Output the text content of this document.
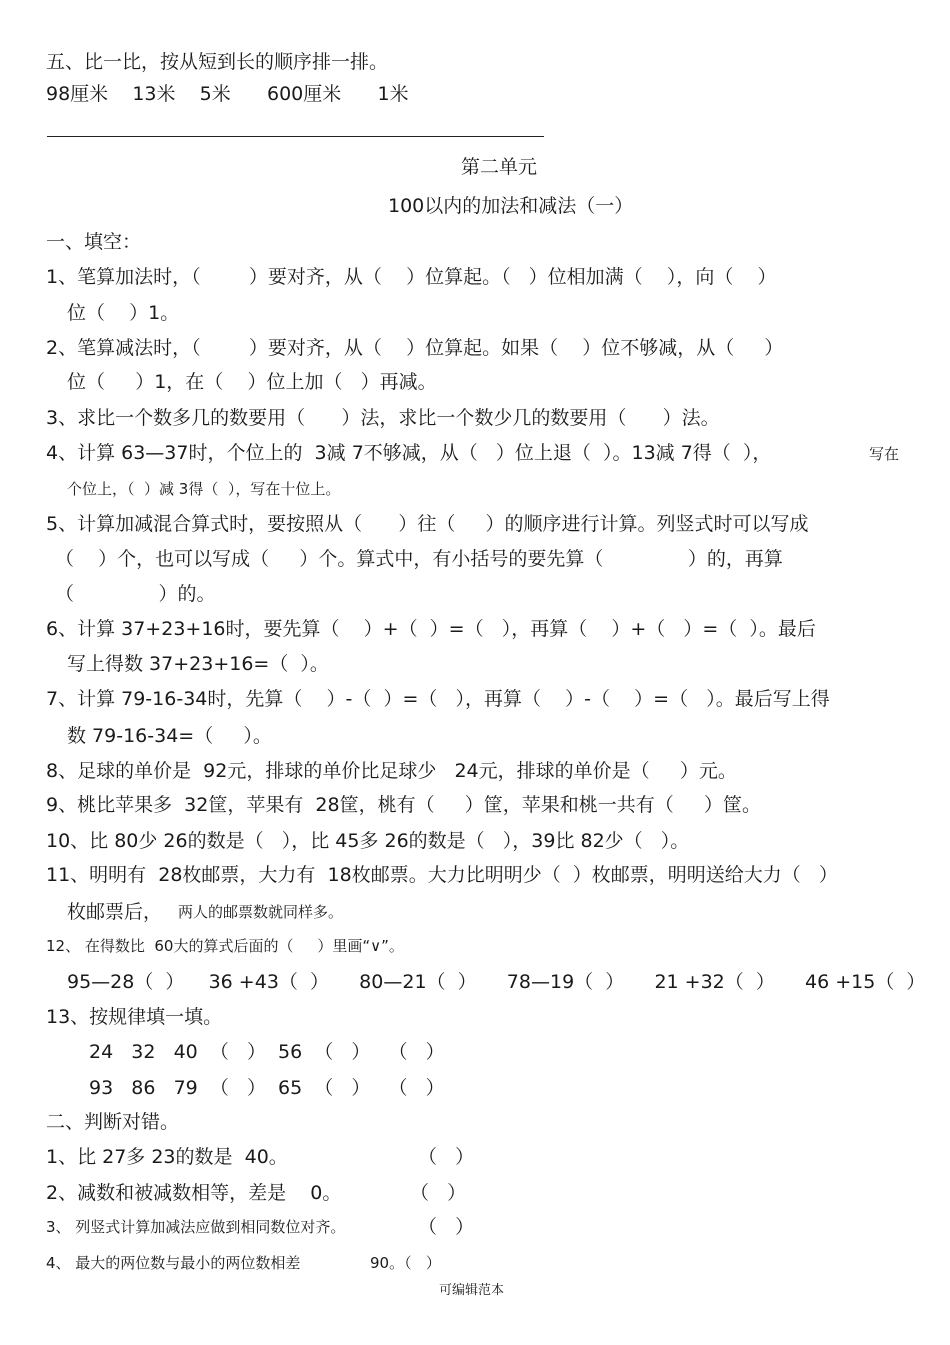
五、比一比，按从短到长的顺序排一排。
98厘米    13米    5米      600厘米      1米
第二单元
100以内的加法和减法（一）
一、填空：
1、笔算加法时，（        ）要对齐，从（    ）位算起。（   ）位相加满（    ），向（    ）
位（    ）1。
2、笔算减法时，（        ）要对齐，从（    ）位算起。如果（    ）位不够减，从（     ）
位（     ）1，在（    ）位上加（   ）再减。
3、求比一个数多几的数要用（      ）法，求比一个数少几的数要用（      ）法。
4、计算 63—37时，个位上的  3减 7不够减，从（   ）位上退（  ）。13减 7得（  ），	写在
个位上，（  ）减 3得（  ），写在十位上。
5、计算加减混合算式时，要按照从（      ）往（     ）的顺序进行计算。列竖式时可以写成
（    ）个，也可以写成（     ）个。算式中，有小括号的要先算（              ）的，再算
（              ）的。
6、计算 37+23+16时，要先算（    ）+（  ）=（   ），再算（    ）+（   ）=（  ）。最后
写上得数 37+23+16=（  ）。
7、计算 79-16-34时，先算（    ）-（  ）=（   ），再算（    ）-（    ）=（   ）。最后写上得
数 79-16-34=（     ）。
8、足球的单价是  92元，排球的单价比足球少   24元，排球的单价是（     ）元。
9、桃比苹果多  32筐，苹果有  28筐，桃有（     ）筐，苹果和桃一共有（     ）筐。
10、比 80少 26的数是（   ），比 45多 26的数是（   ），39比 82少（   ）。
11、明明有  28枚邮票，大力有  18枚邮票。大力比明明少（  ）枚邮票，明明送给大力（   ）
枚邮票后， 两人的邮票数就同样多。
12、 在得数比  60大的算式后面的（     ）里画“∨”。
95—28（  ）    36 +43（  ）     80—21（  ）     78—19（  ）     21 +32（  ）     46 +15（  ）
13、按规律填一填。
24   32   40  （   ）  56  （   ）   （   ）
93   86   79  （   ）  65  （   ）   （   ）
二、判断对错。
1、比 27多 23的数是  40。	（   ）
2、减数和被减数相等，差是    0。	（   ）
3、 列竖式计算加减法应做到相同数位对齐。	（   ）
4、 最大的两位数与最小的两位数相差	90。（   ）
可编辑范本
